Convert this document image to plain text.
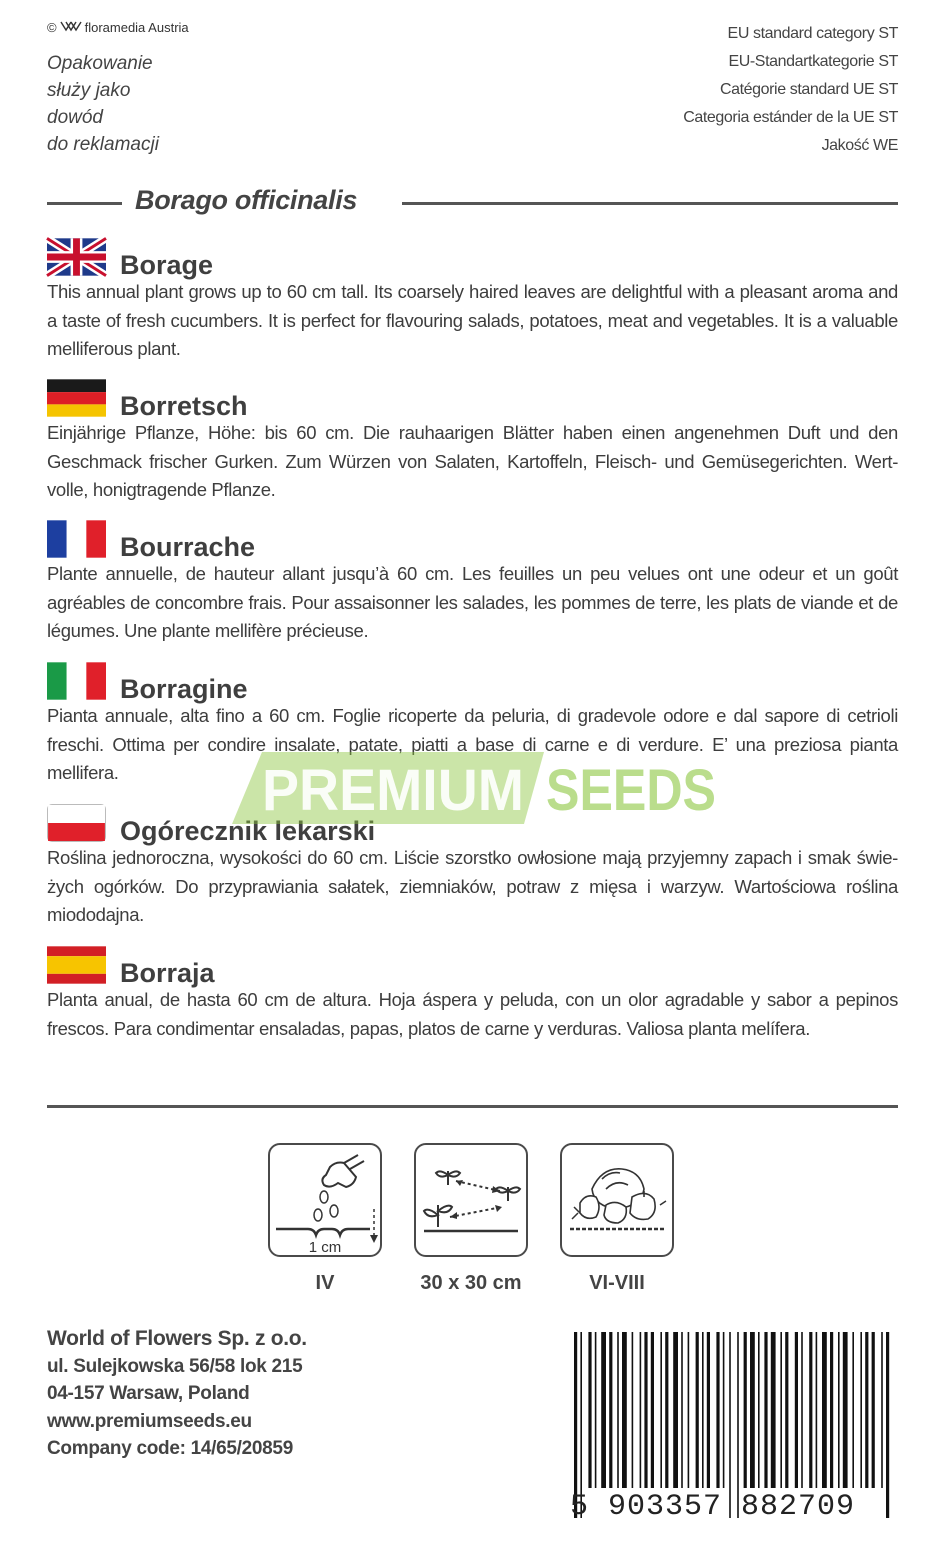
© floramedia Austria
Opakowanie
służy jako
dowód
do reklamacji
EU standard category ST
EU-Standartkategorie ST
Catégorie standard UE ST
Categoria estánder de la UE ST
Jakość WE
Borago officinalis
Borage
This annual plant grows up to 60 cm tall. Its coarsely haired leaves are delightful with a pleasant aroma and a taste of fresh cucumbers. It is perfect for flavouring salads, potatoes, meat and vegetables. It is a valuable melliferous plant.
Borretsch
Einjährige Pflanze, Höhe: bis 60 cm. Die rauhaarigen Blätter haben einen angenehmen Duft und den Geschmack frischer Gurken. Zum Würzen von Salaten, Kartoffeln, Fleisch- und Gemüsegerichten. Wert-volle, honigtragende Pflanze.
Bourrache
Plante annuelle, de hauteur allant jusqu’à 60 cm. Les feuilles un peu velues ont une odeur et un goût agréables de concombre frais. Pour assaisonner les salades, les pommes de terre, les plats de viande et de légumes. Une plante mellifère précieuse.
Borragine
Pianta annuale, alta fino a 60 cm. Foglie ricoperte da peluria, di gradevole odore e dal sapore di cetrioli freschi. Ottima per condire insalate, patate, piatti a base di carne e di verdure. E’ una preziosa pianta mellifera.
Ogórecznik lekarski
Roślina jednoroczna, wysokości do 60 cm. Liście szorstko owłosione mają przyjemny zapach i smak świe-żych ogórków. Do przyprawiania sałatek, ziemniaków, potraw z mięsa i warzyw. Wartościowa roślina miododajna.
Borraja
Planta anual, de hasta 60 cm de altura. Hoja áspera y peluda, con un olor agradable y sabor a pepinos frescos. Para condimentar ensaladas, papas, platos de carne y verduras. Valiosa planta melífera.
PREMIUM SEEDS
1 cm
IV	30 x 30 cm	VI-VIII
World of Flowers Sp. z o.o.
ul. Sulejkowska 56/58 lok 215
04-157 Warsaw, Poland
www.premiumseeds.eu
Company code: 14/65/20859
5 903357 882709
